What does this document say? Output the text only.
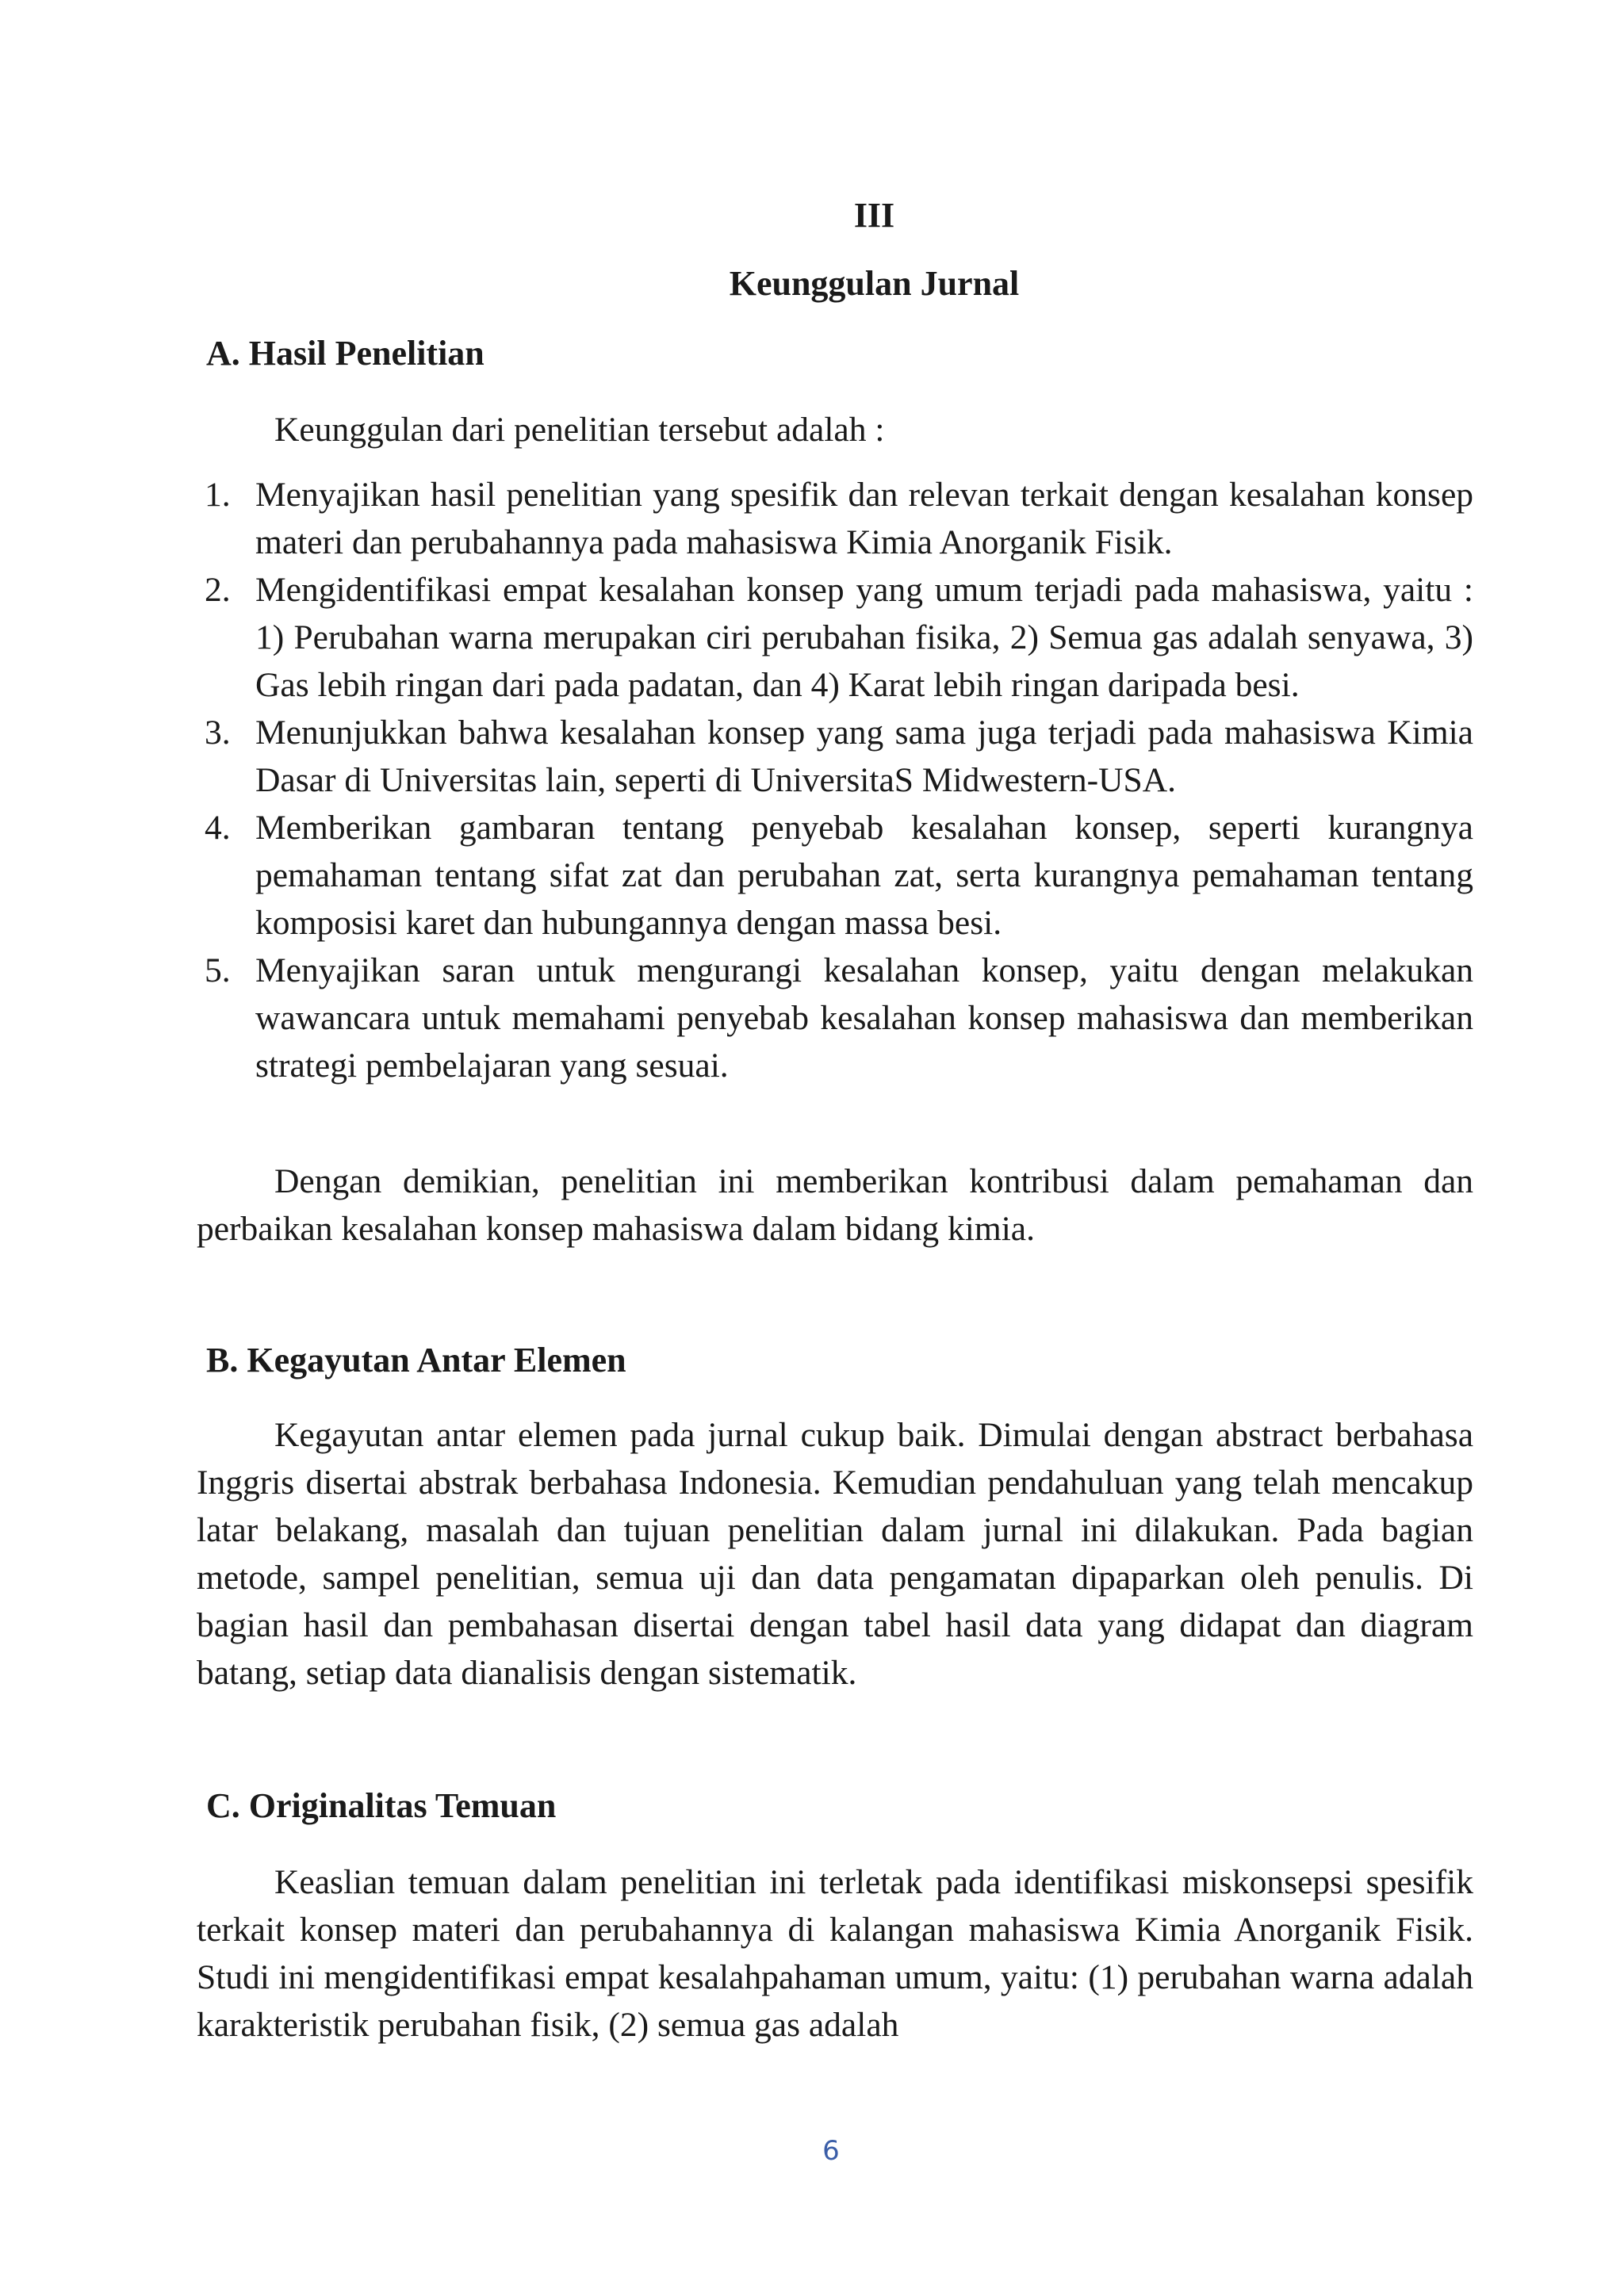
III
Keunggulan Jurnal
A. Hasil Penelitian
Keunggulan dari penelitian tersebut adalah :
1. Menyajikan hasil penelitian yang spesifik dan relevan terkait dengan kesalahan konsep materi dan perubahannya pada mahasiswa Kimia Anorganik Fisik.
2. Mengidentifikasi empat kesalahan konsep yang umum terjadi pada mahasiswa, yaitu : 1) Perubahan warna merupakan ciri perubahan fisika, 2) Semua gas adalah senyawa, 3) Gas lebih ringan dari pada padatan, dan 4) Karat lebih ringan daripada besi.
3. Menunjukkan bahwa kesalahan konsep yang sama juga terjadi pada mahasiswa Kimia Dasar di Universitas lain, seperti di UniversitaS Midwestern-USA.
4. Memberikan gambaran tentang penyebab kesalahan konsep, seperti kurangnya pemahaman tentang sifat zat dan perubahan zat, serta kurangnya pemahaman tentang komposisi karet dan hubungannya dengan massa besi.
5. Menyajikan saran untuk mengurangi kesalahan konsep, yaitu dengan melakukan wawancara untuk memahami penyebab kesalahan konsep mahasiswa dan memberikan strategi pembelajaran yang sesuai.

Dengan demikian, penelitian ini memberikan kontribusi dalam pemahaman dan perbaikan kesalahan konsep mahasiswa dalam bidang kimia.

B. Kegayutan Antar Elemen

Kegayutan antar elemen pada jurnal cukup baik. Dimulai dengan abstract berbahasa Inggris disertai abstrak berbahasa Indonesia. Kemudian pendahuluan yang telah mencakup latar belakang, masalah dan tujuan penelitian dalam jurnal ini dilakukan. Pada bagian metode, sampel penelitian, semua uji dan data pengamatan dipaparkan oleh penulis. Di bagian hasil dan pembahasan disertai dengan tabel hasil data yang didapat dan diagram batang, setiap data dianalisis dengan sistematik.

C. Originalitas Temuan

Keaslian temuan dalam penelitian ini terletak pada identifikasi miskonsepsi spesifik terkait konsep materi dan perubahannya di kalangan mahasiswa Kimia Anorganik Fisik. Studi ini mengidentifikasi empat kesalahpahaman umum, yaitu: (1) perubahan warna adalah karakteristik perubahan fisik, (2) semua gas adalah

6
